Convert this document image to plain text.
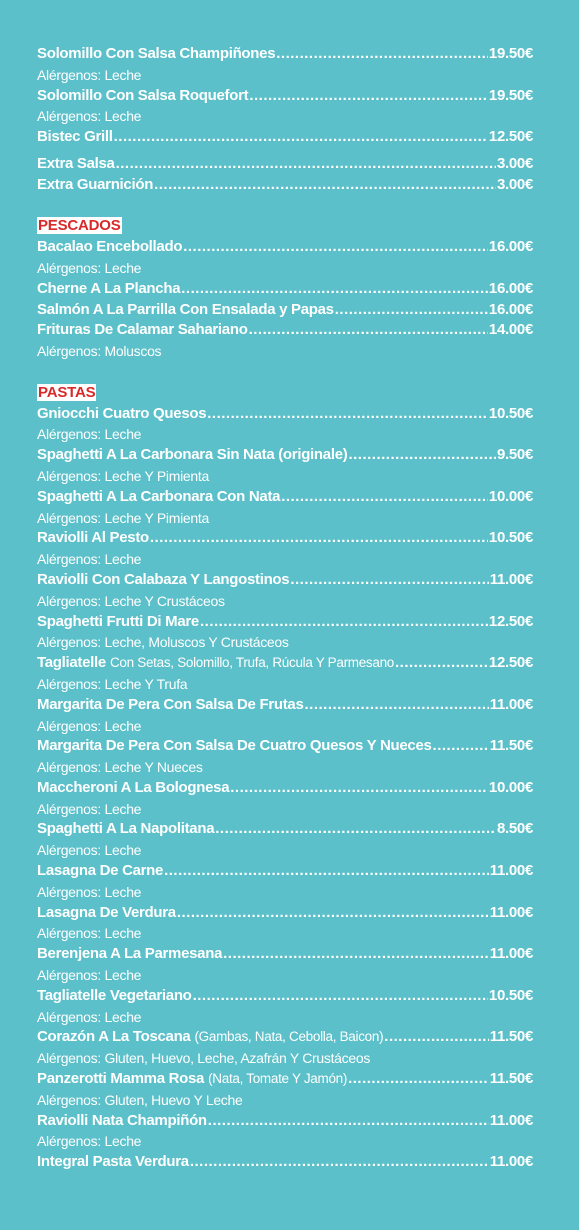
Solomillo Con Salsa Champiñones .....	19.50€
Alérgenos: Leche
Solomillo Con Salsa Roquefort .....	19.50€
Alérgenos: Leche
Bistec Grill .....	12.50€
Extra Salsa .....	3.00€
Extra Guarnición .....	3.00€
PESCADOS
Bacalao Encebollado .....	16.00€
Alérgenos: Leche
Cherne A La Plancha .....	16.00€
Salmón A La Parrilla Con Ensalada y Papas .....	16.00€
Frituras De Calamar Sahariano .....	14.00€
Alérgenos: Moluscos
PASTAS
Gniocchi Cuatro Quesos .....	10.50€
Alérgenos: Leche
Spaghetti A La Carbonara Sin Nata (originale) .....	9.50€
Alérgenos: Leche Y Pimienta
Spaghetti A La Carbonara Con Nata .....	10.00€
Alérgenos: Leche Y Pimienta
Raviolli Al Pesto .....	10.50€
Alérgenos: Leche
Raviolli Con Calabaza Y Langostinos .....	11.00€
Alérgenos: Leche Y Crustáceos
Spaghetti Frutti Di Mare .....	12.50€
Alérgenos: Leche, Moluscos Y Crustáceos
Tagliatelle Con Setas, Solomillo, Trufa, Rúcula Y Parmesano .....	12.50€
Alérgenos: Leche Y Trufa
Margarita De Pera Con Salsa De Frutas .....	11.00€
Alérgenos: Leche
Margarita De Pera Con Salsa De Cuatro Quesos Y Nueces .....	11.50€
Alérgenos: Leche Y Nueces
Maccheroni A La Bolognesa .....	10.00€
Alérgenos: Leche
Spaghetti A La Napolitana .....	8.50€
Alérgenos: Leche
Lasagna De Carne .....	11.00€
Alérgenos: Leche
Lasagna De Verdura .....	11.00€
Alérgenos: Leche
Berenjena A La Parmesana .....	11.00€
Alérgenos: Leche
Tagliatelle Vegetariano .....	10.50€
Alérgenos: Leche
Corazón A La Toscana (Gambas, Nata, Cebolla, Baicon) .....	11.50€
Alérgenos: Gluten, Huevo, Leche, Azafrán Y Crustáceos
Panzerotti Mamma Rosa (Nata, Tomate Y Jamón) .....	11.50€
Alérgenos: Gluten, Huevo Y Leche
Raviolli Nata Champiñón .....	11.00€
Alérgenos: Leche
Integral Pasta Verdura .....	11.00€
